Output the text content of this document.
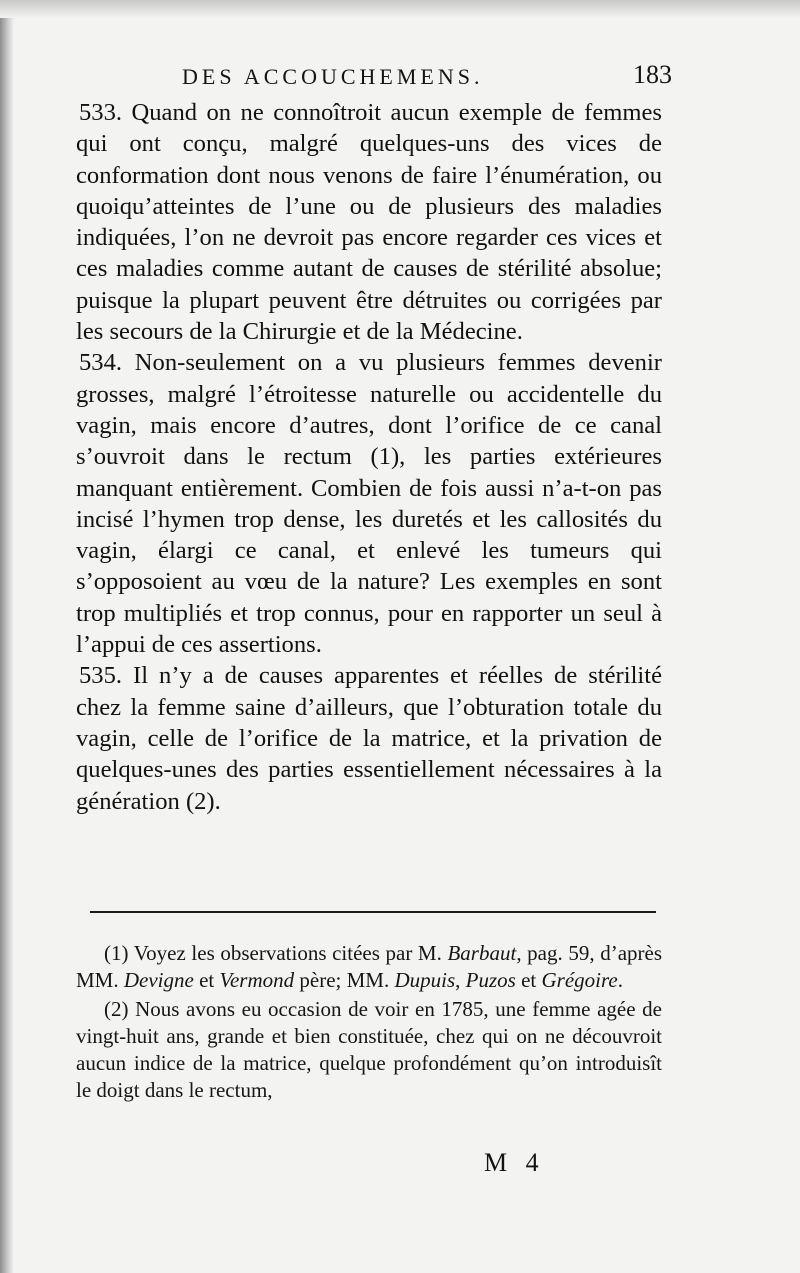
DES ACCOUCHEMENS.	183

533. Quand on ne connoîtroit aucun exemple de femmes qui ont conçu, malgré quelques-uns des vices de conformation dont nous venons de faire l’énumération, ou quoiqu’atteintes de l’une ou de plusieurs des maladies indiquées, l’on ne devroit pas encore regarder ces vices et ces maladies comme autant de causes de stérilité absolue; puisque la plupart peuvent être détruites ou corrigées par les secours de la Chirurgie et de la Médecine.

534. Non-seulement on a vu plusieurs femmes devenir grosses, malgré l’étroitesse naturelle ou accidentelle du vagin, mais encore d’autres, dont l’orifice de ce canal s’ouvroit dans le rectum (1), les parties extérieures manquant entièrement. Combien de fois aussi n’a-t-on pas incisé l’hymen trop dense, les duretés et les callosités du vagin, élargi ce canal, et enlevé les tumeurs qui s’opposoient au vœu de la nature? Les exemples en sont trop multipliés et trop connus, pour en rapporter un seul à l’appui de ces assertions.

535. Il n’y a de causes apparentes et réelles de stérilité chez la femme saine d’ailleurs, que l’obturation totale du vagin, celle de l’orifice de la matrice, et la privation de quelques-unes des parties essentiellement nécessaires à la génération (2).

(1) Voyez les observations citées par M. Barbaut, pag. 59, d’après MM. Devigne et Vermond père; MM. Dupuis, Puzos et Grégoire.

(2) Nous avons eu occasion de voir en 1785, une femme agée de vingt-huit ans, grande et bien constituée, chez qui on ne découvroit aucun indice de la matrice, quelque profondément qu’on introduisît le doigt dans le rectum,

M 4
